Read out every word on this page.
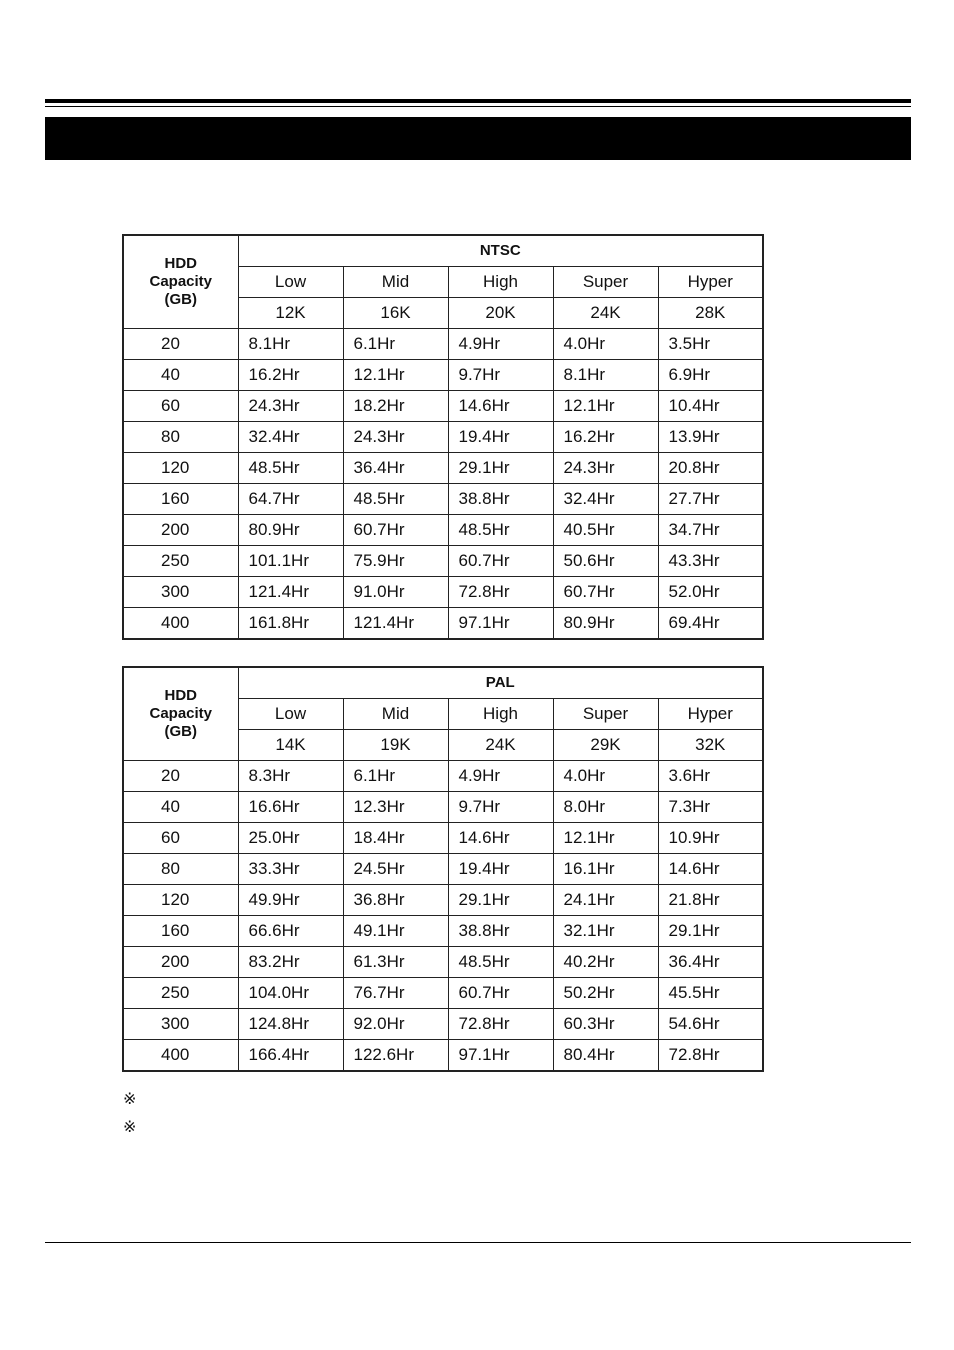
HDD
Capacity
(GB)	NTSC				
	Low	Mid	High	Super	Hyper
	12K	16K	20K	24K	28K
20	8.1Hr	6.1Hr	4.9Hr	4.0Hr	3.5Hr
40	16.2Hr	12.1Hr	9.7Hr	8.1Hr	6.9Hr
60	24.3Hr	18.2Hr	14.6Hr	12.1Hr	10.4Hr
80	32.4Hr	24.3Hr	19.4Hr	16.2Hr	13.9Hr
120	48.5Hr	36.4Hr	29.1Hr	24.3Hr	20.8Hr
160	64.7Hr	48.5Hr	38.8Hr	32.4Hr	27.7Hr
200	80.9Hr	60.7Hr	48.5Hr	40.5Hr	34.7Hr
250	101.1Hr	75.9Hr	60.7Hr	50.6Hr	43.3Hr
300	121.4Hr	91.0Hr	72.8Hr	60.7Hr	52.0Hr
400	161.8Hr	121.4Hr	97.1Hr	80.9Hr	69.4Hr
HDD
Capacity
(GB)	PAL				
	Low	Mid	High	Super	Hyper
	14K	19K	24K	29K	32K
20	8.3Hr	6.1Hr	4.9Hr	4.0Hr	3.6Hr
40	16.6Hr	12.3Hr	9.7Hr	8.0Hr	7.3Hr
60	25.0Hr	18.4Hr	14.6Hr	12.1Hr	10.9Hr
80	33.3Hr	24.5Hr	19.4Hr	16.1Hr	14.6Hr
120	49.9Hr	36.8Hr	29.1Hr	24.1Hr	21.8Hr
160	66.6Hr	49.1Hr	38.8Hr	32.1Hr	29.1Hr
200	83.2Hr	61.3Hr	48.5Hr	40.2Hr	36.4Hr
250	104.0Hr	76.7Hr	60.7Hr	50.2Hr	45.5Hr
300	124.8Hr	92.0Hr	72.8Hr	60.3Hr	54.6Hr
400	166.4Hr	122.6Hr	97.1Hr	80.4Hr	72.8Hr
※
※
